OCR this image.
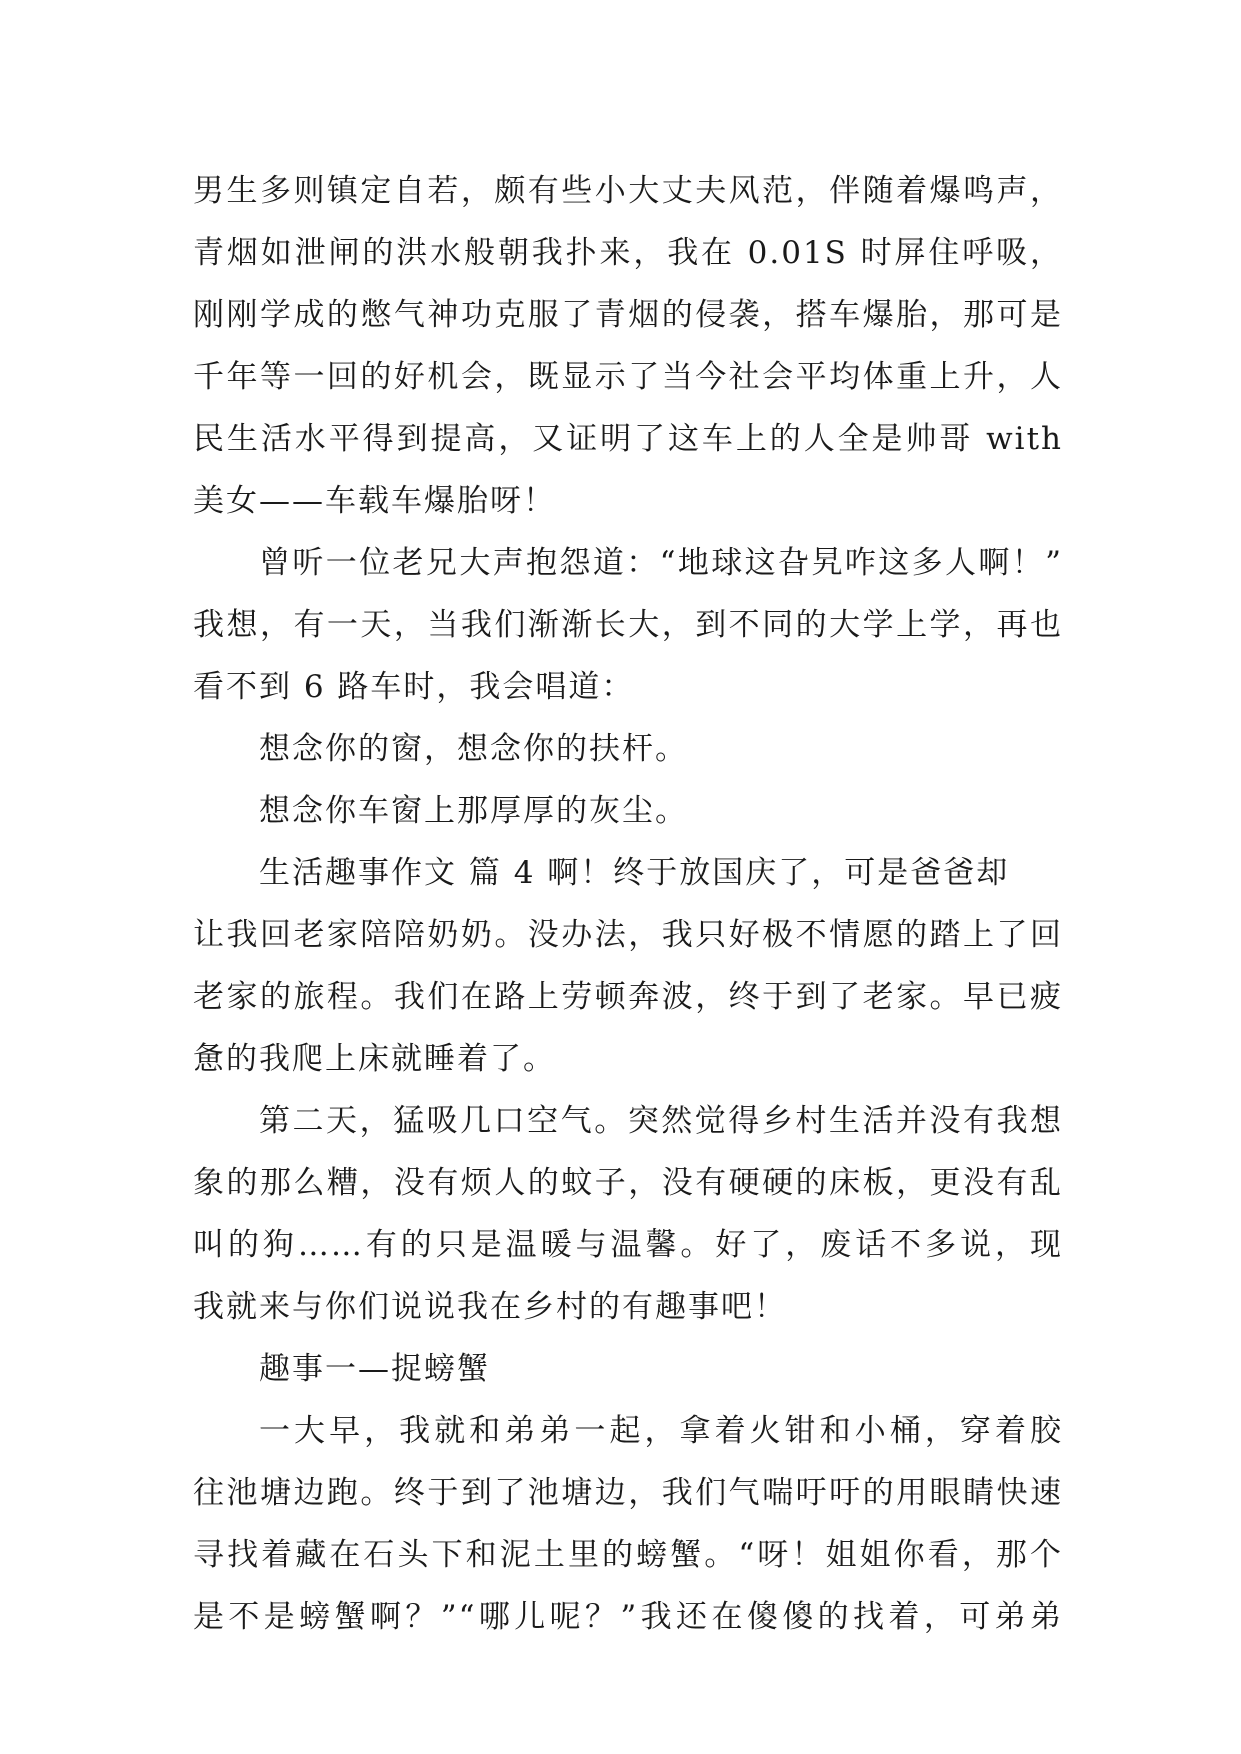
男生多则镇定自若，颇有些小大丈夫风范，伴随着爆鸣声，
青烟如泄闸的洪水般朝我扑来，我在 0.01S 时屏住呼吸，
刚刚学成的憋气神功克服了青烟的侵袭，搭车爆胎，那可是
千年等一回的好机会，既显示了当今社会平均体重上升，人
民生活水平得到提高，又证明了这车上的人全是帅哥 with
美女——车载车爆胎呀！
曾听一位老兄大声抱怨道：“地球这旮旯咋这多人啊！”
我想，有一天，当我们渐渐长大，到不同的大学上学，再也
看不到 6 路车时，我会唱道：
想念你的窗，想念你的扶杆。
想念你车窗上那厚厚的灰尘。
生活趣事作文 篇 4 啊！终于放国庆了，可是爸爸却
让我回老家陪陪奶奶。没办法，我只好极不情愿的踏上了回
老家的旅程。我们在路上劳顿奔波，终于到了老家。早已疲
惫的我爬上床就睡着了。
第二天，猛吸几口空气。突然觉得乡村生活并没有我想
象的那么糟，没有烦人的蚊子，没有硬硬的床板，更没有乱
叫的狗……有的只是温暖与温馨。好了，废话不多说，现
我就来与你们说说我在乡村的有趣事吧！
趣事一—捉螃蟹
一大早，我就和弟弟一起，拿着火钳和小桶，穿着胶
往池塘边跑。终于到了池塘边，我们气喘吁吁的用眼睛快速
寻找着藏在石头下和泥土里的螃蟹。“呀！姐姐你看，那个
是不是螃蟹啊？”“哪儿呢？”我还在傻傻的找着，可弟弟
